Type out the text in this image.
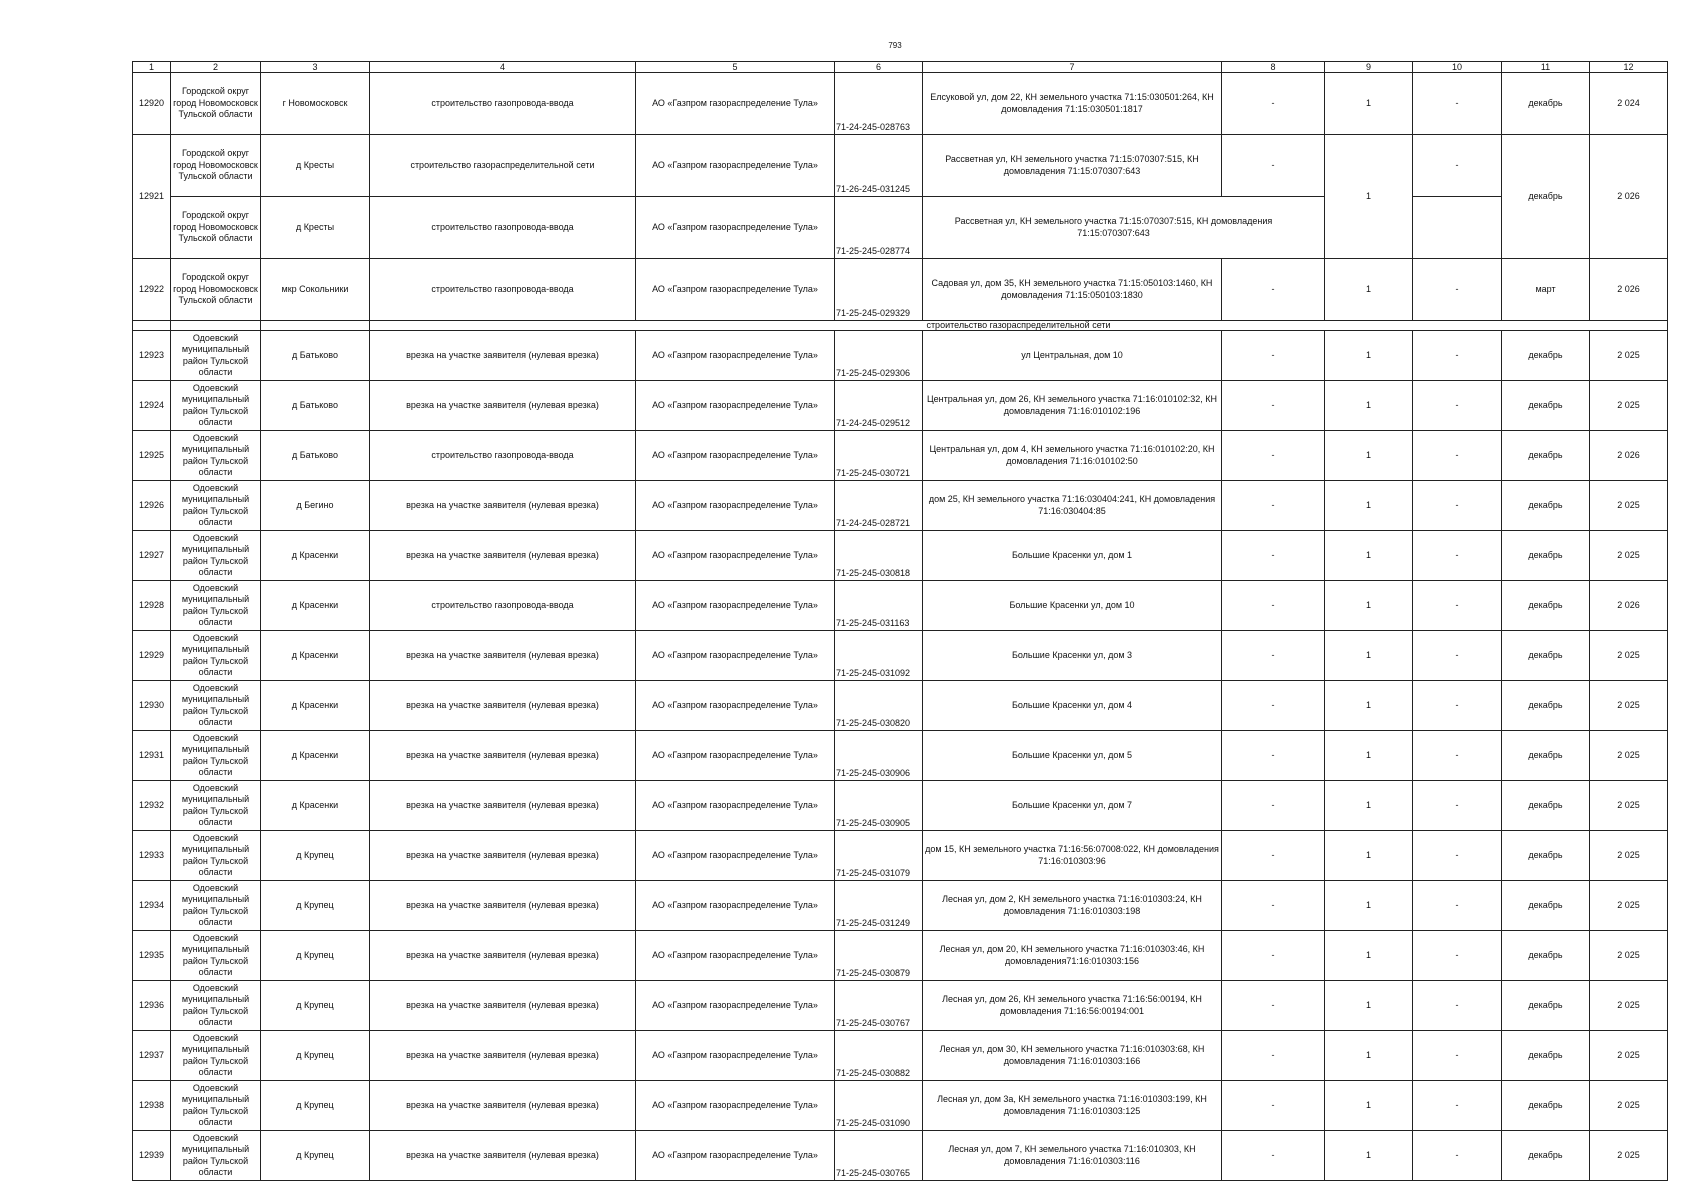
793
1	2	3	4	5	6	7	8	9	10	11	12
12920	Городской округ город Новомосковск Тульской области	г Новомосковск	строительство газопровода-ввода	АО «Газпром газораспределение Тула»	71-24-245-028763	Елсуковой ул, дом 22, КН земельного участка 71:15:030501:264, КН домовладения 71:15:030501:1817	-	1	-	декабрь	2 024
12921	Городской округ город Новомосковск Тульской области	д Кресты	строительство газораспределительной сети	АО «Газпром газораспределение Тула»	71-26-245-031245	Рассветная ул, КН земельного участка 71:15:070307:515, КН домовладения 71:15:070307:643	-	1	-	декабрь	2 026
	Городской округ город Новомосковск Тульской области	д Кресты	строительство газопровода-ввода	АО «Газпром газораспределение Тула»	71-25-245-028774	Рассветная ул, КН земельного участка 71:15:070307:515, КН домовладения 71:15:070307:643					
12922	Городской округ город Новомосковск Тульской области	мкр Сокольники	строительство газопровода-ввода	АО «Газпром газораспределение Тула»	71-25-245-029329	Садовая ул, дом 35, КН земельного участка 71:15:050103:1460, КН домовладения 71:15:050103:1830	-	1	-	март	2 026
			строительство газораспределительной сети								
12923	Одоевский муниципальный район Тульской области	д Батьково	врезка на участке заявителя (нулевая врезка)	АО «Газпром газораспределение Тула»	71-25-245-029306	ул Центральная, дом 10	-	1	-	декабрь	2 025
12924	Одоевский муниципальный район Тульской области	д Батьково	врезка на участке заявителя (нулевая врезка)	АО «Газпром газораспределение Тула»	71-24-245-029512	Центральная ул, дом 26, КН земельного участка 71:16:010102:32, КН домовладения 71:16:010102:196	-	1	-	декабрь	2 025
12925	Одоевский муниципальный район Тульской области	д Батьково	строительство газопровода-ввода	АО «Газпром газораспределение Тула»	71-25-245-030721	Центральная ул, дом 4, КН земельного участка 71:16:010102:20, КН домовладения 71:16:010102:50	-	1	-	декабрь	2 026
12926	Одоевский муниципальный район Тульской области	д Бегино	врезка на участке заявителя (нулевая врезка)	АО «Газпром газораспределение Тула»	71-24-245-028721	дом 25, КН земельного участка 71:16:030404:241, КН домовладения 71:16:030404:85	-	1	-	декабрь	2 025
12927	Одоевский муниципальный район Тульской области	д Красенки	врезка на участке заявителя (нулевая врезка)	АО «Газпром газораспределение Тула»	71-25-245-030818	Большие Красенки ул, дом 1	-	1	-	декабрь	2 025
12928	Одоевский муниципальный район Тульской области	д Красенки	строительство газопровода-ввода	АО «Газпром газораспределение Тула»	71-25-245-031163	Большие Красенки ул, дом 10	-	1	-	декабрь	2 026
12929	Одоевский муниципальный район Тульской области	д Красенки	врезка на участке заявителя (нулевая врезка)	АО «Газпром газораспределение Тула»	71-25-245-031092	Большие Красенки ул, дом 3	-	1	-	декабрь	2 025
12930	Одоевский муниципальный район Тульской области	д Красенки	врезка на участке заявителя (нулевая врезка)	АО «Газпром газораспределение Тула»	71-25-245-030820	Большие Красенки ул, дом 4	-	1	-	декабрь	2 025
12931	Одоевский муниципальный район Тульской области	д Красенки	врезка на участке заявителя (нулевая врезка)	АО «Газпром газораспределение Тула»	71-25-245-030906	Большие Красенки ул, дом 5	-	1	-	декабрь	2 025
12932	Одоевский муниципальный район Тульской области	д Красенки	врезка на участке заявителя (нулевая врезка)	АО «Газпром газораспределение Тула»	71-25-245-030905	Большие Красенки ул, дом 7	-	1	-	декабрь	2 025
12933	Одоевский муниципальный район Тульской области	д Крупец	врезка на участке заявителя (нулевая врезка)	АО «Газпром газораспределение Тула»	71-25-245-031079	дом 15, КН земельного участка 71:16:56:07008:022, КН домовладения 71:16:010303:96	-	1	-	декабрь	2 025
12934	Одоевский муниципальный район Тульской области	д Крупец	врезка на участке заявителя (нулевая врезка)	АО «Газпром газораспределение Тула»	71-25-245-031249	Лесная ул, дом 2, КН земельного участка 71:16:010303:24, КН домовладения 71:16:010303:198	-	1	-	декабрь	2 025
12935	Одоевский муниципальный район Тульской области	д Крупец	врезка на участке заявителя (нулевая врезка)	АО «Газпром газораспределение Тула»	71-25-245-030879	Лесная ул, дом 20, КН земельного участка 71:16:010303:46, КН домовладения71:16:010303:156	-	1	-	декабрь	2 025
12936	Одоевский муниципальный район Тульской области	д Крупец	врезка на участке заявителя (нулевая врезка)	АО «Газпром газораспределение Тула»	71-25-245-030767	Лесная ул, дом 26, КН земельного участка 71:16:56:00194, КН домовладения 71:16:56:00194:001	-	1	-	декабрь	2 025
12937	Одоевский муниципальный район Тульской области	д Крупец	врезка на участке заявителя (нулевая врезка)	АО «Газпром газораспределение Тула»	71-25-245-030882	Лесная ул, дом 30, КН земельного участка 71:16:010303:68, КН домовладения 71:16:010303:166	-	1	-	декабрь	2 025
12938	Одоевский муниципальный район Тульской области	д Крупец	врезка на участке заявителя (нулевая врезка)	АО «Газпром газораспределение Тула»	71-25-245-031090	Лесная ул, дом 3а, КН земельного участка 71:16:010303:199, КН домовладения 71:16:010303:125	-	1	-	декабрь	2 025
12939	Одоевский муниципальный район Тульской области	д Крупец	врезка на участке заявителя (нулевая врезка)	АО «Газпром газораспределение Тула»	71-25-245-030765	Лесная ул, дом 7, КН земельного участка 71:16:010303, КН домовладения 71:16:010303:116	-	1	-	декабрь	2 025
